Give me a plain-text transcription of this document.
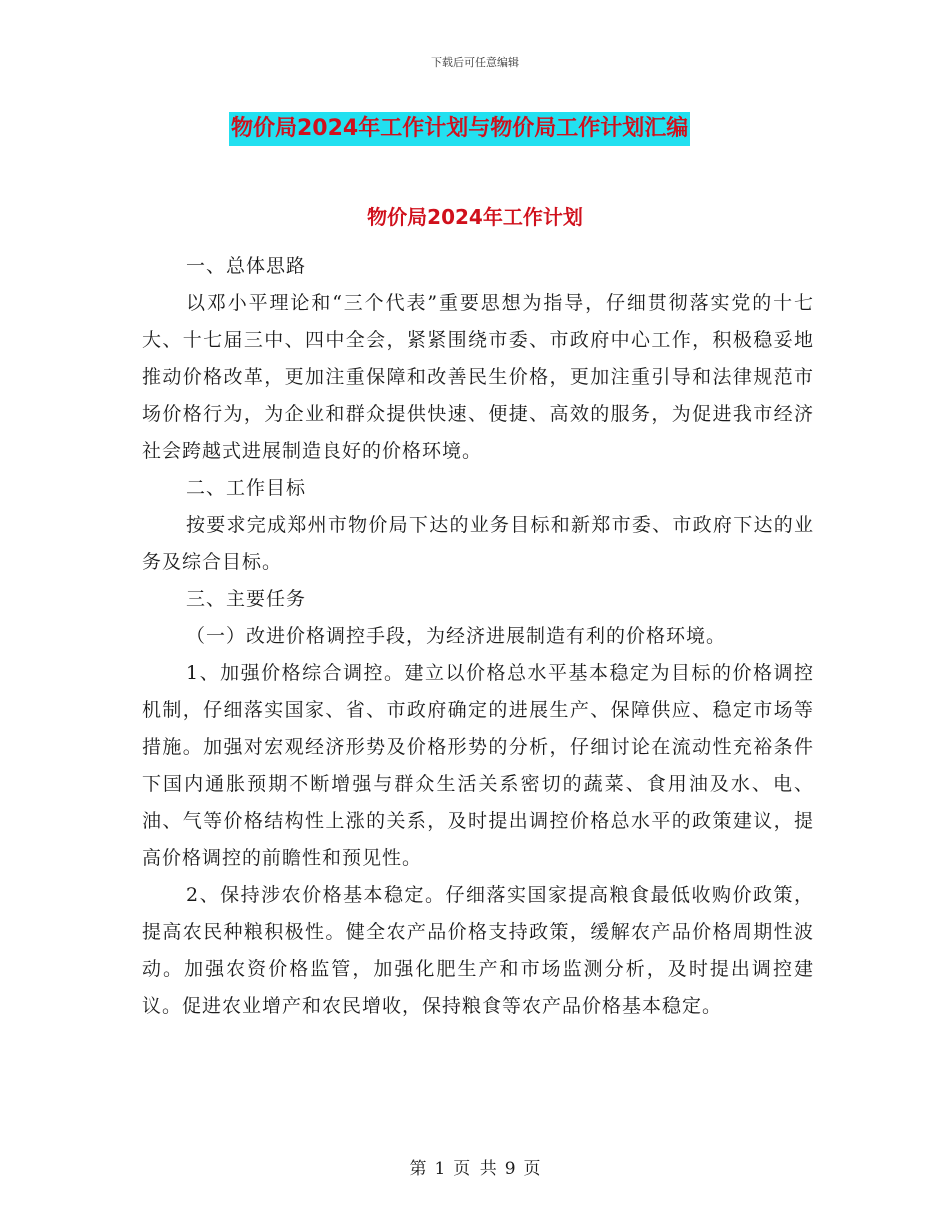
下载后可任意编辑
物价局2024年工作计划与物价局工作计划汇编
物价局2024年工作计划

一、总体思路

以邓小平理论和“三个代表”重要思想为指导，仔细贯彻落实党的十七大、十七届三中、四中全会，紧紧围绕市委、市政府中心工作，积极稳妥地推动价格改革，更加注重保障和改善民生价格，更加注重引导和法律规范市场价格行为，为企业和群众提供快速、便捷、高效的服务，为促进我市经济社会跨越式进展制造良好的价格环境。

二、工作目标

按要求完成郑州市物价局下达的业务目标和新郑市委、市政府下达的业务及综合目标。

三、主要任务

（一）改进价格调控手段，为经济进展制造有利的价格环境。

1、加强价格综合调控。建立以价格总水平基本稳定为目标的价格调控机制，仔细落实国家、省、市政府确定的进展生产、保障供应、稳定市场等措施。加强对宏观经济形势及价格形势的分析，仔细讨论在流动性充裕条件下国内通胀预期不断增强与群众生活关系密切的蔬菜、食用油及水、电、油、气等价格结构性上涨的关系，及时提出调控价格总水平的政策建议，提高价格调控的前瞻性和预见性。

2、保持涉农价格基本稳定。仔细落实国家提高粮食最低收购价政策，提高农民种粮积极性。健全农产品价格支持政策，缓解农产品价格周期性波动。加强农资价格监管，加强化肥生产和市场监测分析，及时提出调控建议。促进农业增产和农民增收，保持粮食等农产品价格基本稳定。

第 1 页 共 9 页
